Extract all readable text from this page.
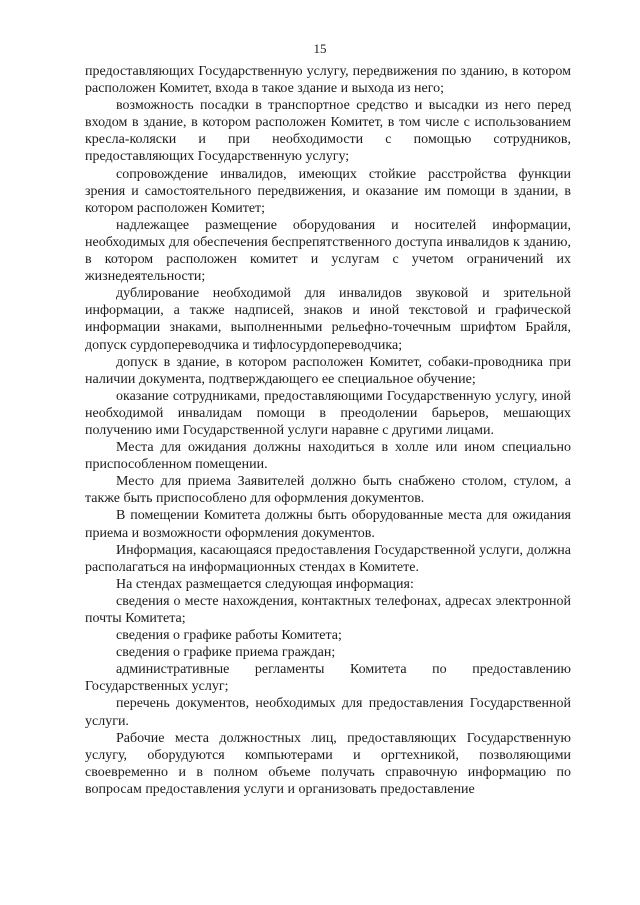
15

предоставляющих Государственную услугу, передвижения по зданию, в котором расположен Комитет, входа в такое здание и выхода из него;

возможность посадки в транспортное средство и высадки из него перед входом в здание, в котором расположен Комитет, в том числе с использованием кресла-коляски и при необходимости с помощью сотрудников, предоставляющих Государственную услугу;

сопровождение инвалидов, имеющих стойкие расстройства функции зрения и самостоятельного передвижения, и оказание им помощи в здании, в котором расположен Комитет;

надлежащее размещение оборудования и носителей информации, необходимых для обеспечения беспрепятственного доступа инвалидов к зданию, в котором расположен комитет и услугам с учетом ограничений их жизнедеятельности;

дублирование необходимой для инвалидов звуковой и зрительной информации, а также надписей, знаков и иной текстовой и графической информации знаками, выполненными рельефно-точечным шрифтом Брайля, допуск сурдопереводчика и тифлосурдопереводчика;

допуск в здание, в котором расположен Комитет, собаки-проводника при наличии документа, подтверждающего ее специальное обучение;

оказание сотрудниками, предоставляющими Государственную услугу, иной необходимой инвалидам помощи в преодолении барьеров, мешающих получению ими Государственной услуги наравне с другими лицами.

Места для ожидания должны находиться в холле или ином специально приспособленном помещении.

Место для приема Заявителей должно быть снабжено столом, стулом, а также быть приспособлено для оформления документов.

В помещении Комитета должны быть оборудованные места для ожидания приема и возможности оформления документов.

Информация, касающаяся предоставления Государственной услуги, должна располагаться на информационных стендах в Комитете.

На стендах размещается следующая информация:

сведения о месте нахождения, контактных телефонах, адресах электронной почты Комитета;

сведения о графике работы Комитета;

сведения о графике приема граждан;

административные регламенты Комитета по предоставлению Государственных услуг;

перечень документов, необходимых для предоставления Государственной услуги.

Рабочие места должностных лиц, предоставляющих Государственную услугу, оборудуются компьютерами и оргтехникой, позволяющими своевременно и в полном объеме получать справочную информацию по вопросам предоставления услуги и организовать предоставление
